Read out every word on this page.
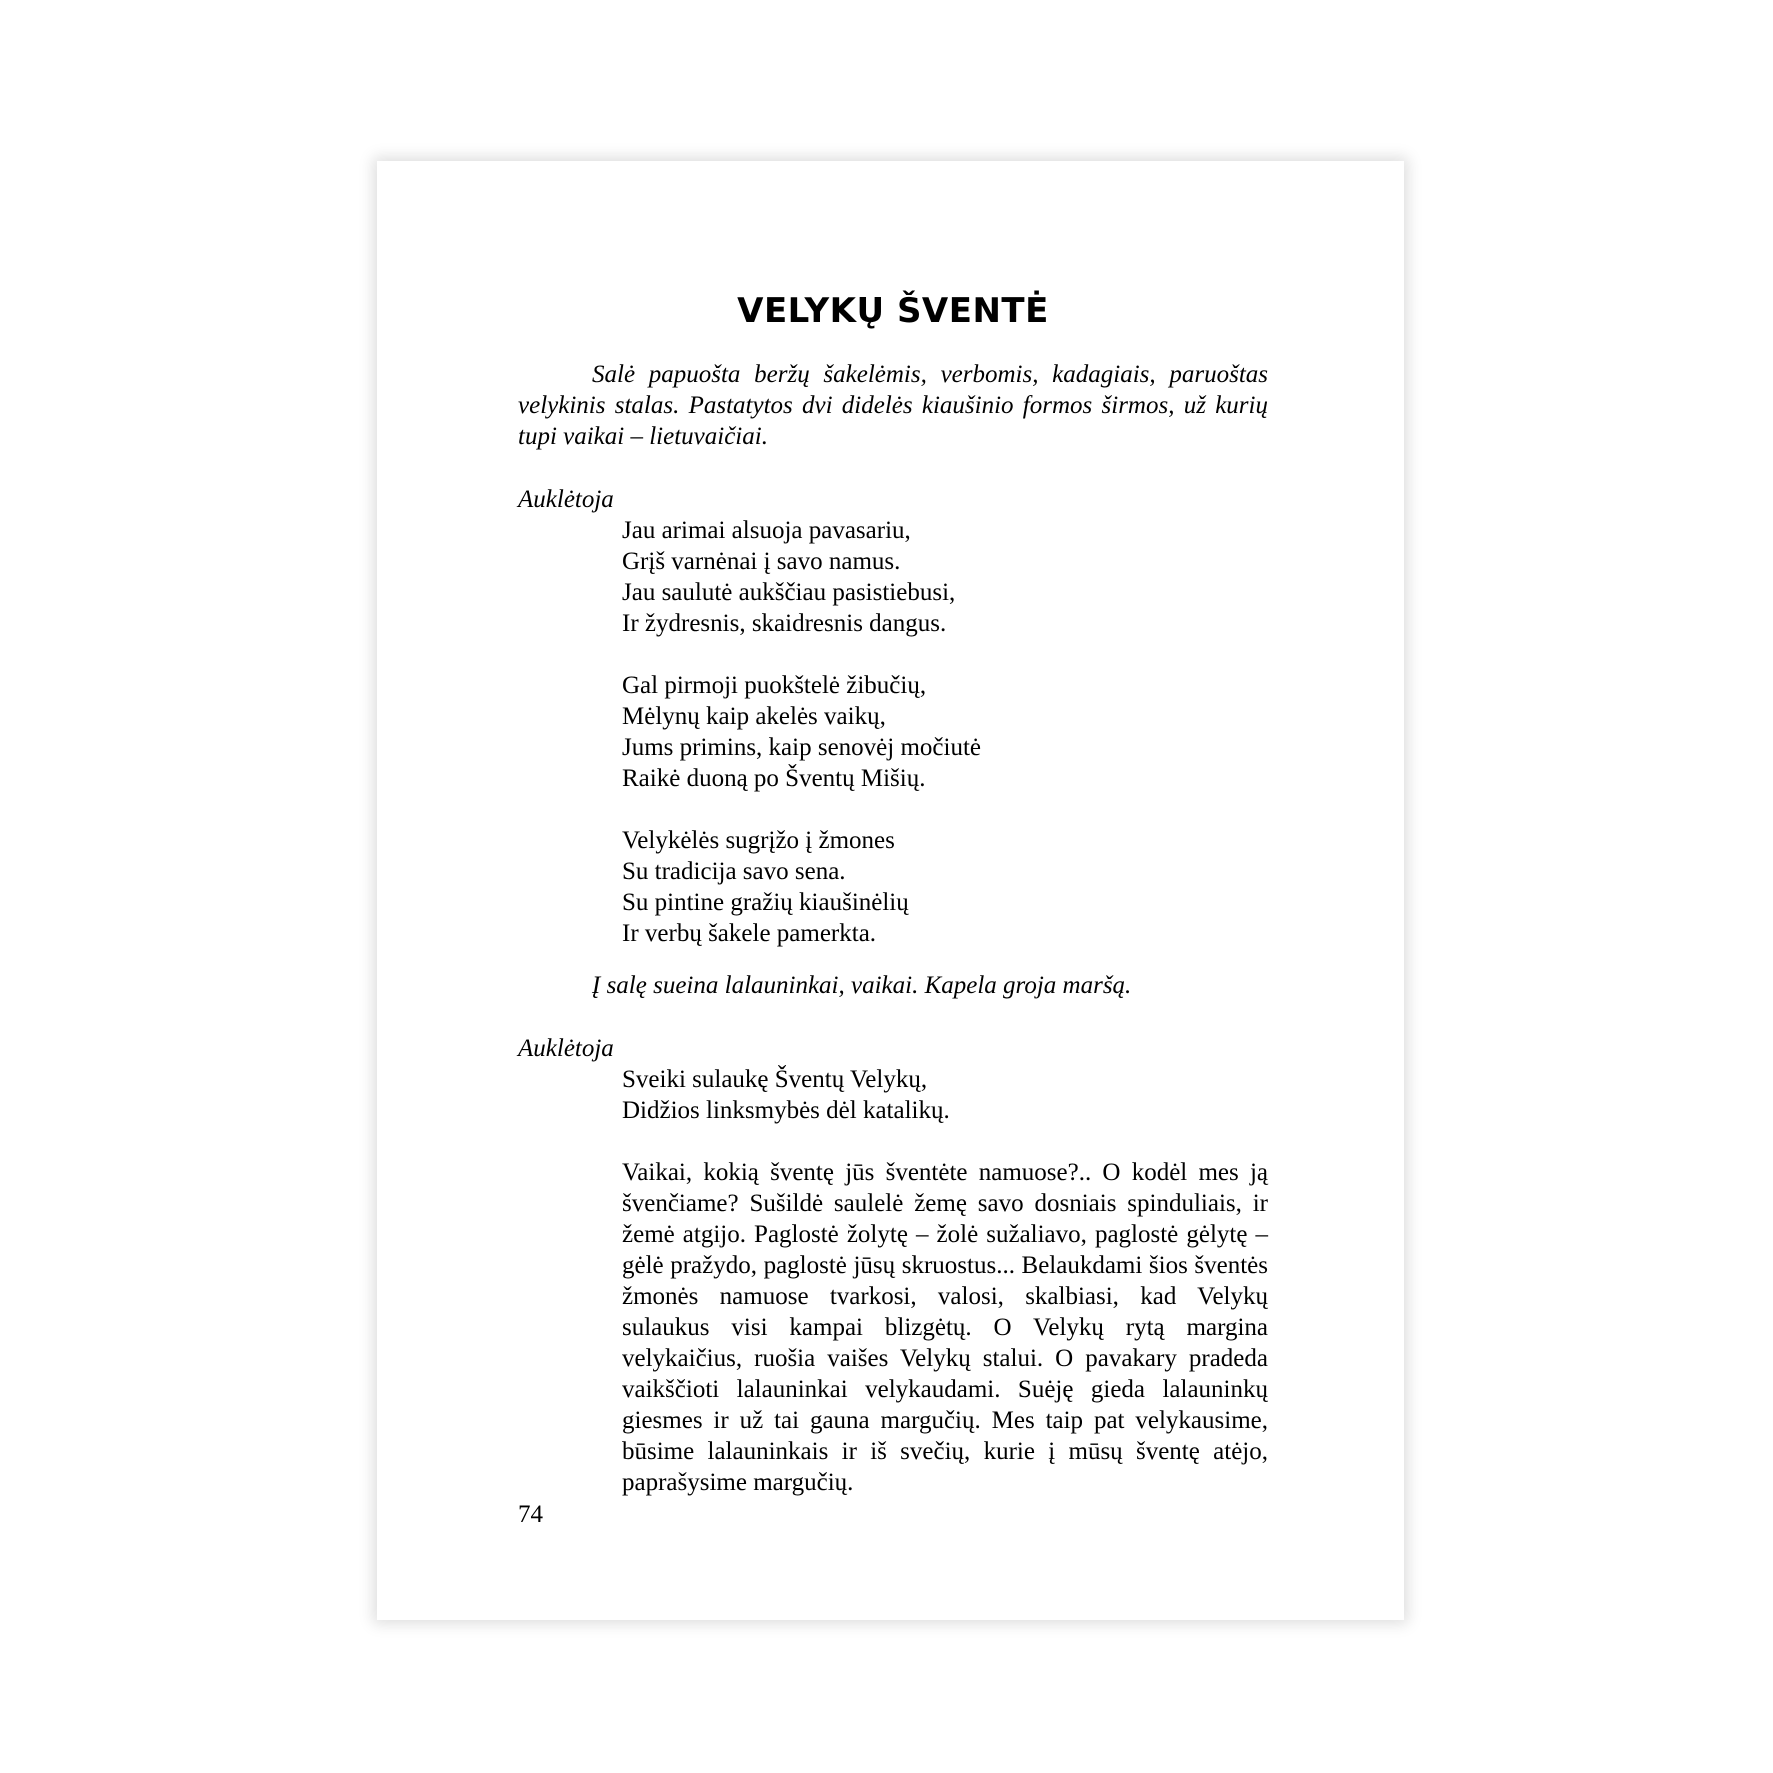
VELYKŲ ŠVENTĖ

Salė papuošta beržų šakelėmis, verbomis, kadagiais, paruoštas velykinis stalas. Pastatytos dvi didelės kiaušinio formos širmos, už kurių tupi vaikai – lietuvaičiai.

Auklėtoja

Jau arimai alsuoja pavasariu,
Grįš varnėnai į savo namus.
Jau saulutė aukščiau pasistiebusi,
Ir žydresnis, skaidresnis dangus.
Gal pirmoji puokštelė žibučių,
Mėlynų kaip akelės vaikų,
Jums primins, kaip senovėj močiutė
Raikė duoną po Šventų Mišių.
Velykėlės sugrįžo į žmones
Su tradicija savo sena.
Su pintine gražių kiaušinėlių
Ir verbų šakele pamerkta.

Į salę sueina lalauninkai, vaikai. Kapela groja maršą.

Auklėtoja

Sveiki sulaukę Šventų Velykų,
Didžios linksmybės dėl katalikų.

Vaikai, kokią šventę jūs šventėte namuose?.. O kodėl mes ją švenčiame? Sušildė saulelė žemę savo dosniais spinduliais, ir žemė atgijo. Paglostė žolytę – žolė sužaliavo, paglostė gėlytę – gėlė pražydo, paglostė jūsų skruostus... Belaukdami šios šventės žmonės namuose tvarkosi, valosi, skalbiasi, kad Velykų sulaukus visi kampai blizgėtų. O Velykų rytą margina velykaičius, ruošia vaišes Velykų stalui. O pavakary pradeda vaikščioti lalauninkai velykaudami. Suėję gieda lalauninkų giesmes ir už tai gauna margučių. Mes taip pat velykausime, būsime lalauninkais ir iš svečių, kurie į mūsų šventę atėjo, paprašysime margučių.

74
